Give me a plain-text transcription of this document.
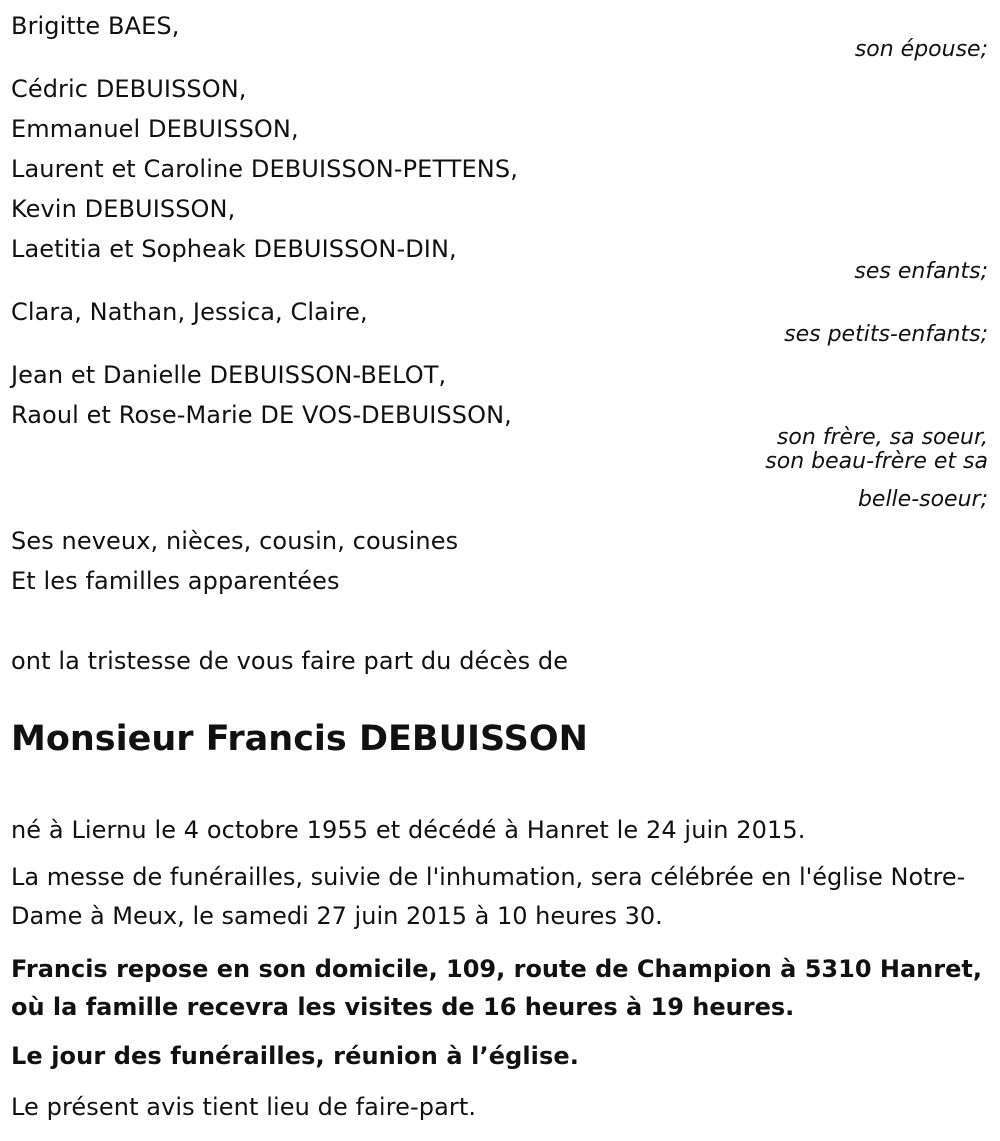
Brigitte BAES,
son épouse;
Cédric DEBUISSON,
Emmanuel DEBUISSON,
Laurent et Caroline DEBUISSON-PETTENS,
Kevin DEBUISSON,
Laetitia et Sopheak DEBUISSON-DIN,
ses enfants;
Clara, Nathan, Jessica, Claire,
ses petits-enfants;
Jean et Danielle DEBUISSON-BELOT,
Raoul et Rose-Marie DE VOS-DEBUISSON,
son frère, sa soeur,
son beau-frère et sa
belle-soeur;
Ses neveux, nièces, cousin, cousines
Et les familles apparentées
ont la tristesse de vous faire part du décès de
Monsieur Francis DEBUISSON
né à Liernu le 4 octobre 1955 et décédé à Hanret le 24 juin 2015.
La messe de funérailles, suivie de l'inhumation, sera célébrée en l'église Notre-Dame à Meux, le samedi 27 juin 2015 à 10 heures 30.
Francis repose en son domicile, 109, route de Champion à 5310 Hanret, où la famille recevra les visites de 16 heures à 19 heures.
Le jour des funérailles, réunion à l’église.
Le présent avis tient lieu de faire-part.
